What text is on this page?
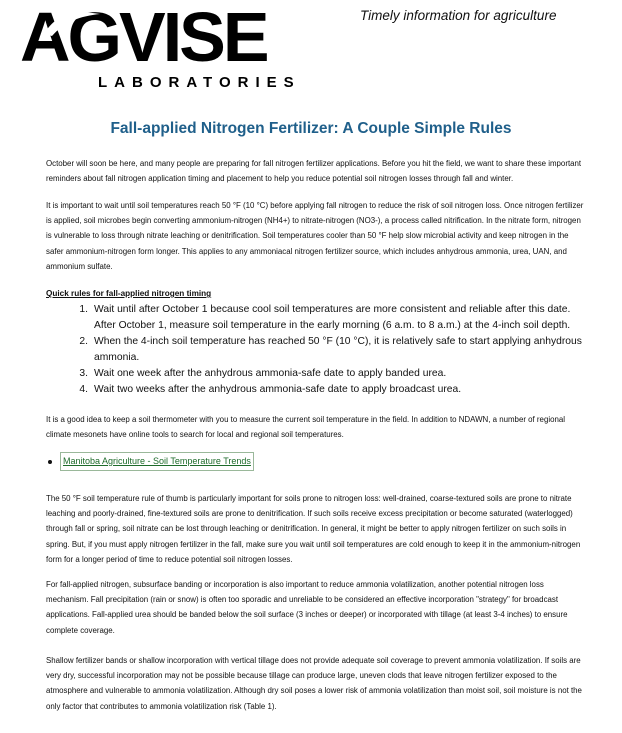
Timely information for agriculture
AGVISE
LABORATORIES
Fall-applied Nitrogen Fertilizer: A Couple Simple Rules

October will soon be here, and many people are preparing for fall nitrogen fertilizer applications. Before you hit the field, we want to share these important reminders about fall nitrogen application timing and placement to help you reduce potential soil nitrogen losses through fall and winter.

It is important to wait until soil temperatures reach 50 °F (10 °C) before applying fall nitrogen to reduce the risk of soil nitrogen loss. Once nitrogen fertilizer is applied, soil microbes begin converting ammonium-nitrogen (NH4+) to nitrate-nitrogen (NO3-), a process called nitrification. In the nitrate form, nitrogen is vulnerable to loss through nitrate leaching or denitrification. Soil temperatures cooler than 50 °F help slow microbial activity and keep nitrogen in the safer ammonium-nitrogen form longer. This applies to any ammoniacal nitrogen fertilizer source, which includes anhydrous ammonia, urea, UAN, and ammonium sulfate.

Quick rules for fall-applied nitrogen timing
1. Wait until after October 1 because cool soil temperatures are more consistent and reliable after this date. After October 1, measure soil temperature in the early morning (6 a.m. to 8 a.m.) at the 4-inch soil depth.
2. When the 4-inch soil temperature has reached 50 °F (10 °C), it is relatively safe to start applying anhydrous ammonia.
3. Wait one week after the anhydrous ammonia-safe date to apply banded urea.
4. Wait two weeks after the anhydrous ammonia-safe date to apply broadcast urea.

It is a good idea to keep a soil thermometer with you to measure the current soil temperature in the field. In addition to NDAWN, a number of regional climate mesonets have online tools to search for local and regional soil temperatures.

Manitoba Agriculture - Soil Temperature Trends

The 50 °F soil temperature rule of thumb is particularly important for soils prone to nitrogen loss: well-drained, coarse-textured soils are prone to nitrate leaching and poorly-drained, fine-textured soils are prone to denitrification. If such soils receive excess precipitation or become saturated (waterlogged) through fall or spring, soil nitrate can be lost through leaching or denitrification. In general, it might be better to apply nitrogen fertilizer on such soils in spring. But, if you must apply nitrogen fertilizer in the fall, make sure you wait until soil temperatures are cold enough to keep it in the ammonium-nitrogen form for a longer period of time to reduce potential soil nitrogen losses.

For fall-applied nitrogen, subsurface banding or incorporation is also important to reduce ammonia volatilization, another potential nitrogen loss mechanism. Fall precipitation (rain or snow) is often too sporadic and unreliable to be considered an effective incorporation "strategy" for broadcast applications. Fall-applied urea should be banded below the soil surface (3 inches or deeper) or incorporated with tillage (at least 3-4 inches) to ensure complete coverage.

Shallow fertilizer bands or shallow incorporation with vertical tillage does not provide adequate soil coverage to prevent ammonia volatilization. If soils are very dry, successful incorporation may not be possible because tillage can produce large, uneven clods that leave nitrogen fertilizer exposed to the atmosphere and vulnerable to ammonia volatilization. Although dry soil poses a lower risk of ammonia volatilization than moist soil, soil moisture is not the only factor that contributes to ammonia volatilization risk (Table 1).
